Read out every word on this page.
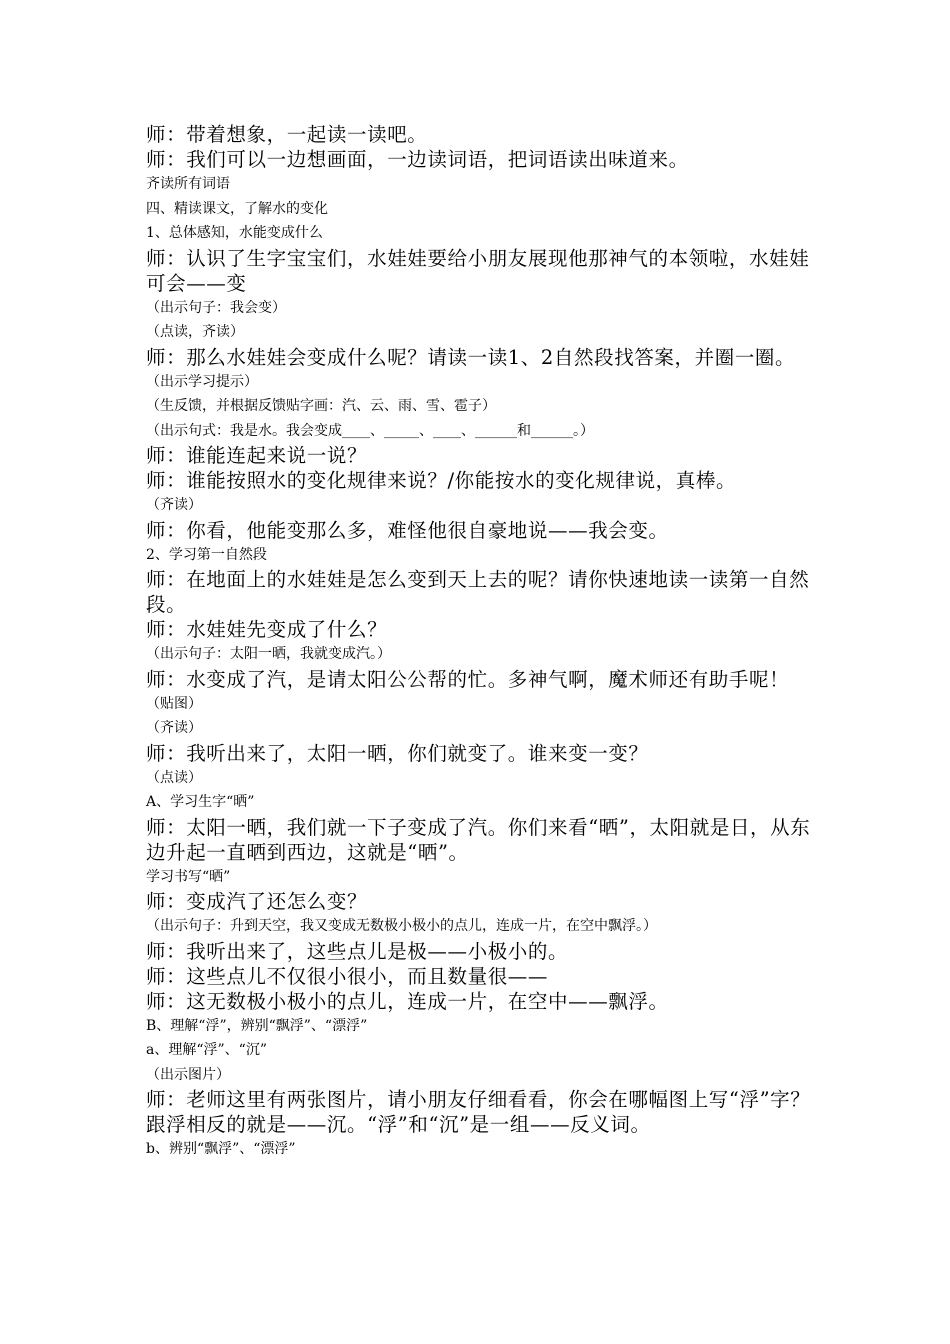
师：带着想象，一起读一读吧。

师：我们可以一边想画面，一边读词语，把词语读出味道来。

齐读所有词语

四、精读课文，了解水的变化

1、总体感知，水能变成什么

师：认识了生字宝宝们，水娃娃要给小朋友展现他那神气的本领啦，水娃娃可会——变

（出示句子：我会变）

（点读，齐读）

师：那么水娃娃会变成什么呢？请读一读1、2自然段找答案，并圈一圈。

（出示学习提示）

（生反馈，并根据反馈贴字画：汽、云、雨、雪、雹子）

（出示句式：我是水。我会变成____、_____、____、______和______。）

师：谁能连起来说一说？

师：谁能按照水的变化规律来说？/你能按水的变化规律说，真棒。

（齐读）

师：你看，他能变那么多，难怪他很自豪地说——我会变。

2、学习第一自然段

师：在地面上的水娃娃是怎么变到天上去的呢？请你快速地读一读第一自然段。

师：水娃娃先变成了什么？

（出示句子：太阳一晒，我就变成汽。）

师：水变成了汽，是请太阳公公帮的忙。多神气啊，魔术师还有助手呢！

（贴图）

（齐读）

师：我听出来了，太阳一晒，你们就变了。谁来变一变？

（点读）

A、学习生字“晒”

师：太阳一晒，我们就一下子变成了汽。你们来看“晒”，太阳就是日，从东边升起一直晒到西边，这就是“晒”。

学习书写“晒”

师：变成汽了还怎么变？

（出示句子：升到天空，我又变成无数极小极小的点儿，连成一片，在空中飘浮。）

师：我听出来了，这些点儿是极——小极小的。

师：这些点儿不仅很小很小，而且数量很——

师：这无数极小极小的点儿，连成一片，在空中——飘浮。

B、理解“浮”，辨别“飘浮”、“漂浮”

a、理解“浮”、“沉”

（出示图片）

师：老师这里有两张图片，请小朋友仔细看看，你会在哪幅图上写“浮”字？跟浮相反的就是——沉。“浮”和“沉”是一组——反义词。

b、辨别“飘浮”、“漂浮”
